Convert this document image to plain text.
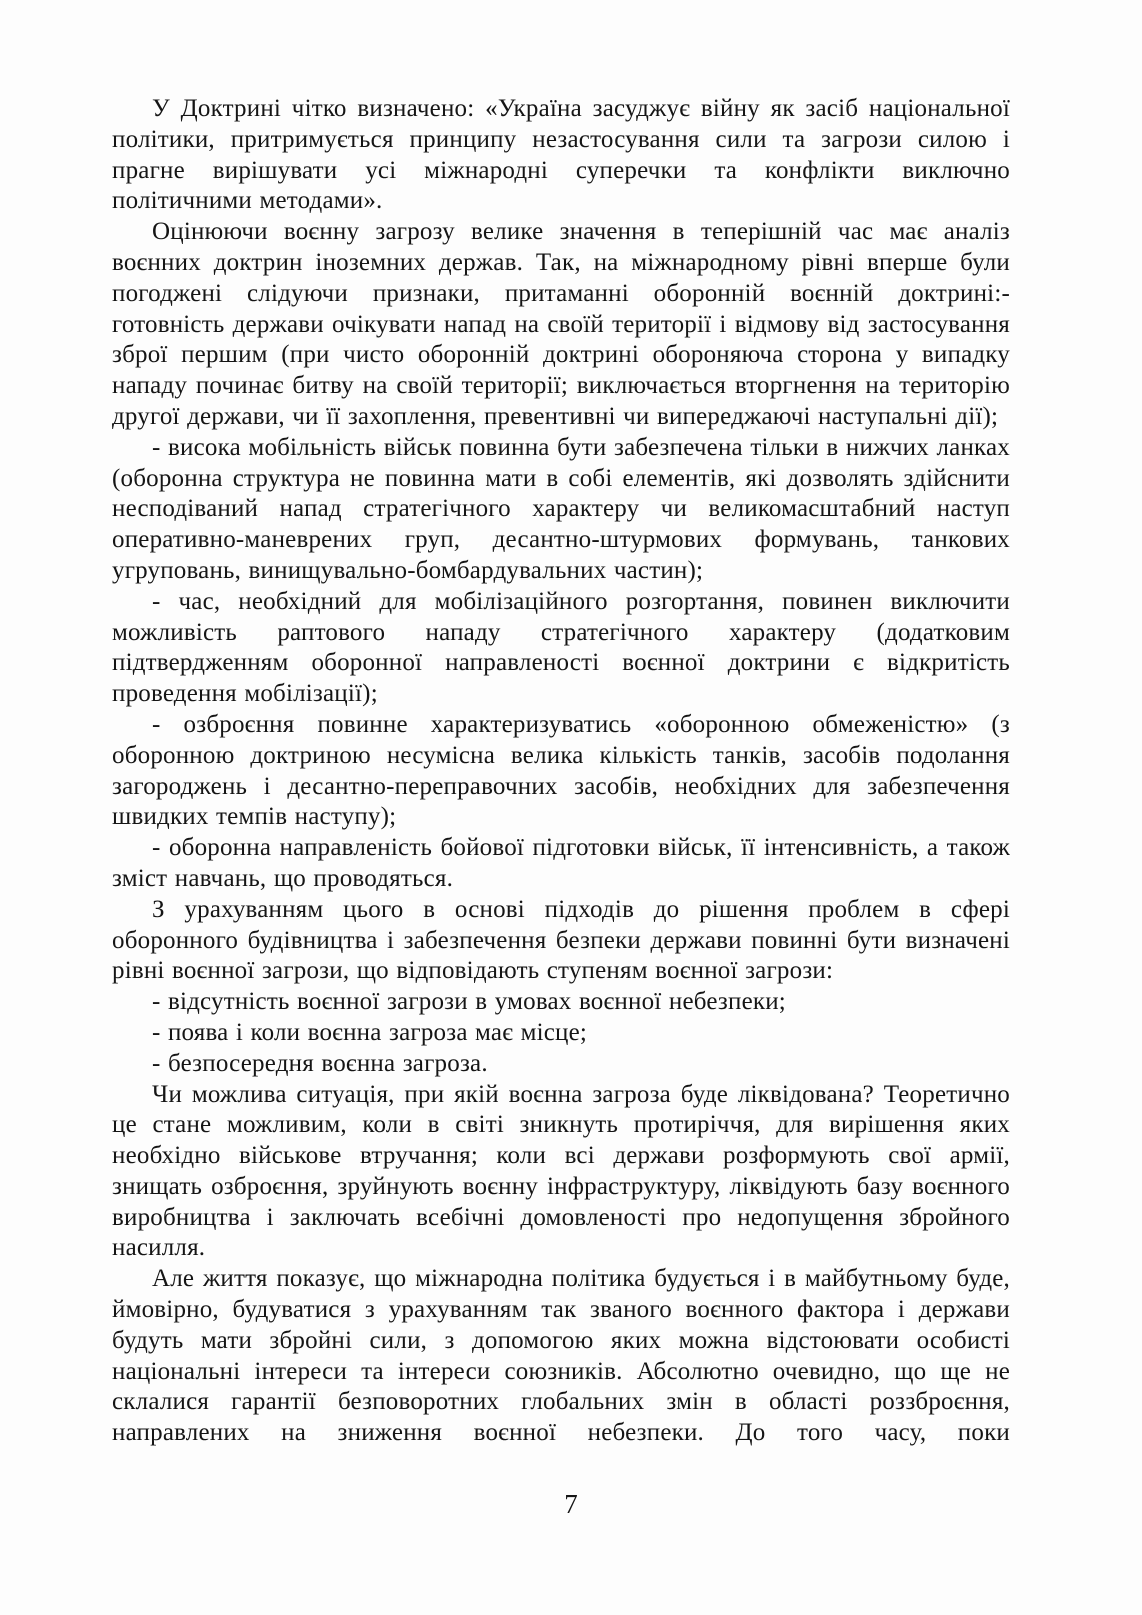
У Доктрині чітко визначено: «Україна засуджує війну як засіб національної політики, притримується принципу незастосування сили та загрози силою і прагне вирішувати усі міжнародні суперечки та конфлікти виключно політичними методами».

Оцінюючи воєнну загрозу велике значення в теперішній час має аналіз воєнних доктрин іноземних держав. Так, на міжнародному рівні вперше були погоджені слідуючи признаки, притаманні оборонній воєнній доктрині:- готовність держави очікувати напад на своїй території і відмову від застосування зброї першим (при чисто оборонній доктрині обороняюча сторона у випадку нападу починає битву на своїй території; виключається вторгнення на територію другої держави, чи її захоплення, превентивні чи випереджаючі наступальні дії);

- висока мобільність військ повинна бути забезпечена тільки в нижчих ланках (оборонна структура не повинна мати в собі елементів, які дозволять здійснити несподіваний напад стратегічного характеру чи великомасштабний наступ оперативно-маневрених груп, десантно-штурмових формувань, танкових угруповань, винищувально-бомбардувальних частин);

- час, необхідний для мобілізаційного розгортання, повинен виключити можливість раптового нападу стратегічного характеру (додатковим підтвердженням оборонної направленості воєнної доктрини є відкритість проведення мобілізації);

- озброєння повинне характеризуватись «оборонною обмеженістю» (з оборонною доктриною несумісна велика кількість танків, засобів подолання загороджень і десантно-переправочних засобів, необхідних для забезпечення швидких темпів наступу);

- оборонна направленість бойової підготовки військ, її інтенсивність, а також зміст навчань, що проводяться.

З урахуванням цього в основі підходів до рішення проблем в сфері оборонного будівництва і забезпечення безпеки держави повинні бути визначені рівні воєнної загрози, що відповідають ступеням воєнної загрози:

- відсутність воєнної загрози в умовах воєнної небезпеки;

- поява і коли воєнна загроза має місце;

- безпосередня воєнна загроза.

Чи можлива ситуація, при якій воєнна загроза буде ліквідована? Теоретично це стане можливим, коли в світі зникнуть протиріччя, для вирішення яких необхідно військове втручання; коли всі держави розформують свої армії, знищать озброєння, зруйнують воєнну інфраструктуру, ліквідують базу воєнного виробництва і заключать всебічні домовленості про недопущення збройного насилля.

Але життя показує, що міжнародна політика будується і в майбутньому буде, ймовірно, будуватися з урахуванням так званого воєнного фактора і держави будуть мати збройні сили, з допомогою яких можна відстоювати особисті національні інтереси та інтереси союзників. Абсолютно очевидно, що ще не склалися гарантії безповоротних глобальних змін в області роззброєння, направлених на зниження воєнної небезпеки. До того часу, поки

7
